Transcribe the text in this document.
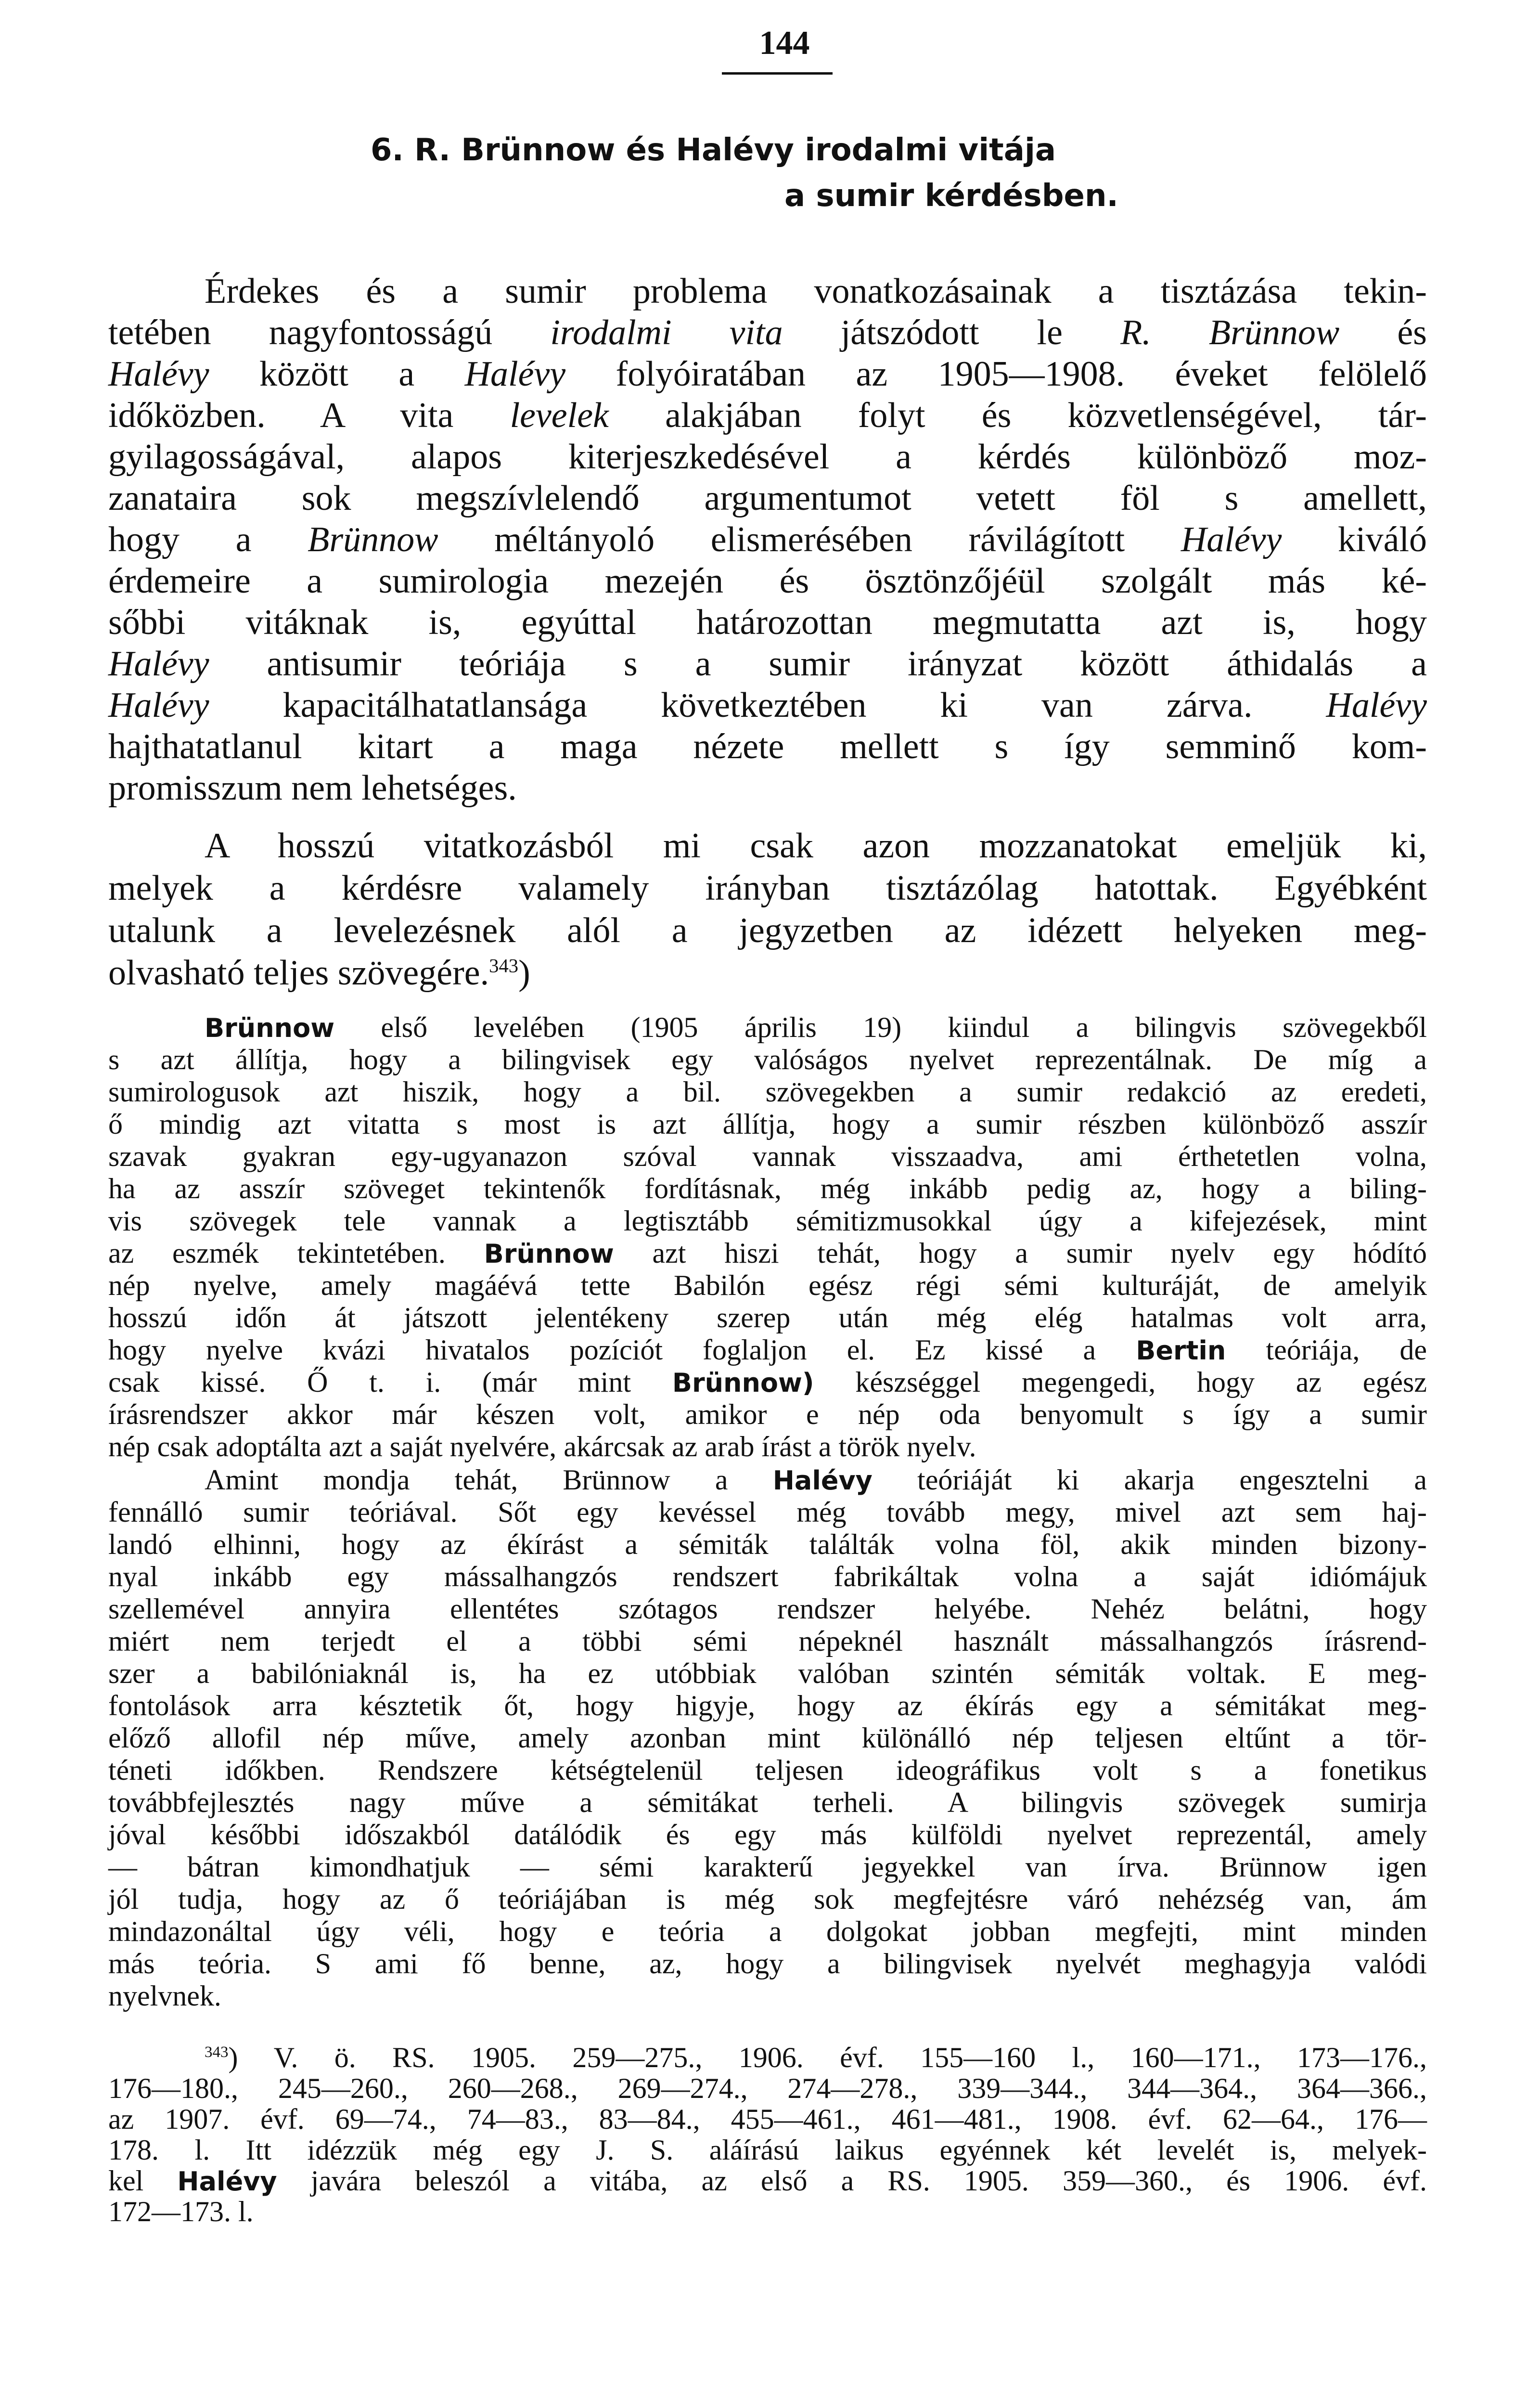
144
6. R. Brünnow és Halévy irodalmi vitája
a sumir kérdésben.
Érdekes és a sumir problema vonatkozásainak a tisztázása tekin-
tetében nagyfontosságú irodalmi vita játszódott le R. Brünnow és
Halévy között a Halévy folyóiratában az 1905—1908. éveket felölelő
időközben. A vita levelek alakjában folyt és közvetlenségével, tár-
gyilagosságával, alapos kiterjeszkedésével a kérdés különböző moz-
zanataira sok megszívlelendő argumentumot vetett föl s amellett,
hogy a Brünnow méltányoló elismerésében rávilágított Halévy kiváló
érdemeire a sumirologia mezején és ösztönzőjéül szolgált más ké-
sőbbi vitáknak is, egyúttal határozottan megmutatta azt is, hogy
Halévy antisumir teóriája s a sumir irányzat között áthidalás a
Halévy kapacitálhatatlansága következtében ki van zárva. Halévy
hajthatatlanul kitart a maga nézete mellett s így semminő kom-
promisszum nem lehetséges.
A hosszú vitatkozásból mi csak azon mozzanatokat emeljük ki,
melyek a kérdésre valamely irányban tisztázólag hatottak. Egyébként
utalunk a levelezésnek alól a jegyzetben az idézett helyeken meg-
olvasható teljes szövegére.$^{343}$)
Brünnow első levelében (1905 április 19) kiindul a bilingvis szövegekből
s azt állítja, hogy a bilingvisek egy valóságos nyelvet reprezentálnak. De míg a
sumirologusok azt hiszik, hogy a bil. szövegekben a sumir redakció az eredeti,
ő mindig azt vitatta s most is azt állítja, hogy a sumir részben különböző asszír
szavak gyakran egy-ugyanazon szóval vannak visszaadva, ami érthetetlen volna,
ha az asszír szöveget tekintenők fordításnak, még inkább pedig az, hogy a biling-
vis szövegek tele vannak a legtisztább sémitizmusokkal úgy a kifejezések, mint
az eszmék tekintetében. Brünnow azt hiszi tehát, hogy a sumir nyelv egy hódító
nép nyelve, amely magáévá tette Babilón egész régi sémi kulturáját, de amelyik
hosszú időn át játszott jelentékeny szerep után még elég hatalmas volt arra,
hogy nyelve kvázi hivatalos pozíciót foglaljon el. Ez kissé a Bertin teóriája, de
csak kissé. Ő t. i. (már mint Brünnow) készséggel megengedi, hogy az egész
írásrendszer akkor már készen volt, amikor e nép oda benyomult s így a sumir
nép csak adoptálta azt a saját nyelvére, akárcsak az arab írást a török nyelv.
Amint mondja tehát, Brünnow a Halévy teóriáját ki akarja engesztelni a
fennálló sumir teóriával. Sőt egy kevéssel még tovább megy, mivel azt sem haj-
landó elhinni, hogy az ékírást a sémiták találták volna föl, akik minden bizony-
nyal inkább egy mássalhangzós rendszert fabrikáltak volna a saját idiómájuk
szellemével annyira ellentétes szótagos rendszer helyébe. Nehéz belátni, hogy
miért nem terjedt el a többi sémi népeknél használt mássalhangzós írásrend-
szer a babilóniaknál is, ha ez utóbbiak valóban szintén sémiták voltak. E meg-
fontolások arra késztetik őt, hogy higyje, hogy az ékírás egy a sémitákat meg-
előző allofil nép műve, amely azonban mint különálló nép teljesen eltűnt a tör-
téneti időkben. Rendszere kétségtelenül teljesen ideográfikus volt s a fonetikus
továbbfejlesztés nagy műve a sémitákat terheli. A bilingvis szövegek sumirja
jóval későbbi időszakból datálódik és egy más külföldi nyelvet reprezentál, amely
— bátran kimondhatjuk — sémi karakterű jegyekkel van írva. Brünnow igen
jól tudja, hogy az ő teóriájában is még sok megfejtésre váró nehézség van, ám
mindazonáltal úgy véli, hogy e teória a dolgokat jobban megfejti, mint minden
más teória. S ami fő benne, az, hogy a bilingvisek nyelvét meghagyja valódi
nyelvnek.
$^{343}$) V. ö. RS. 1905. 259—275., 1906. évf. 155—160 l., 160—171., 173—176.,
176—180., 245—260., 260—268., 269—274., 274—278., 339—344., 344—364., 364—366.,
az 1907. évf. 69—74., 74—83., 83—84., 455—461., 461—481., 1908. évf. 62—64., 176—
178. l. Itt idézzük még egy J. S. aláírású laikus egyénnek két levelét is, melyek-
kel Halévy javára beleszól a vitába, az első a RS. 1905. 359—360., és 1906. évf.
172—173. l.
